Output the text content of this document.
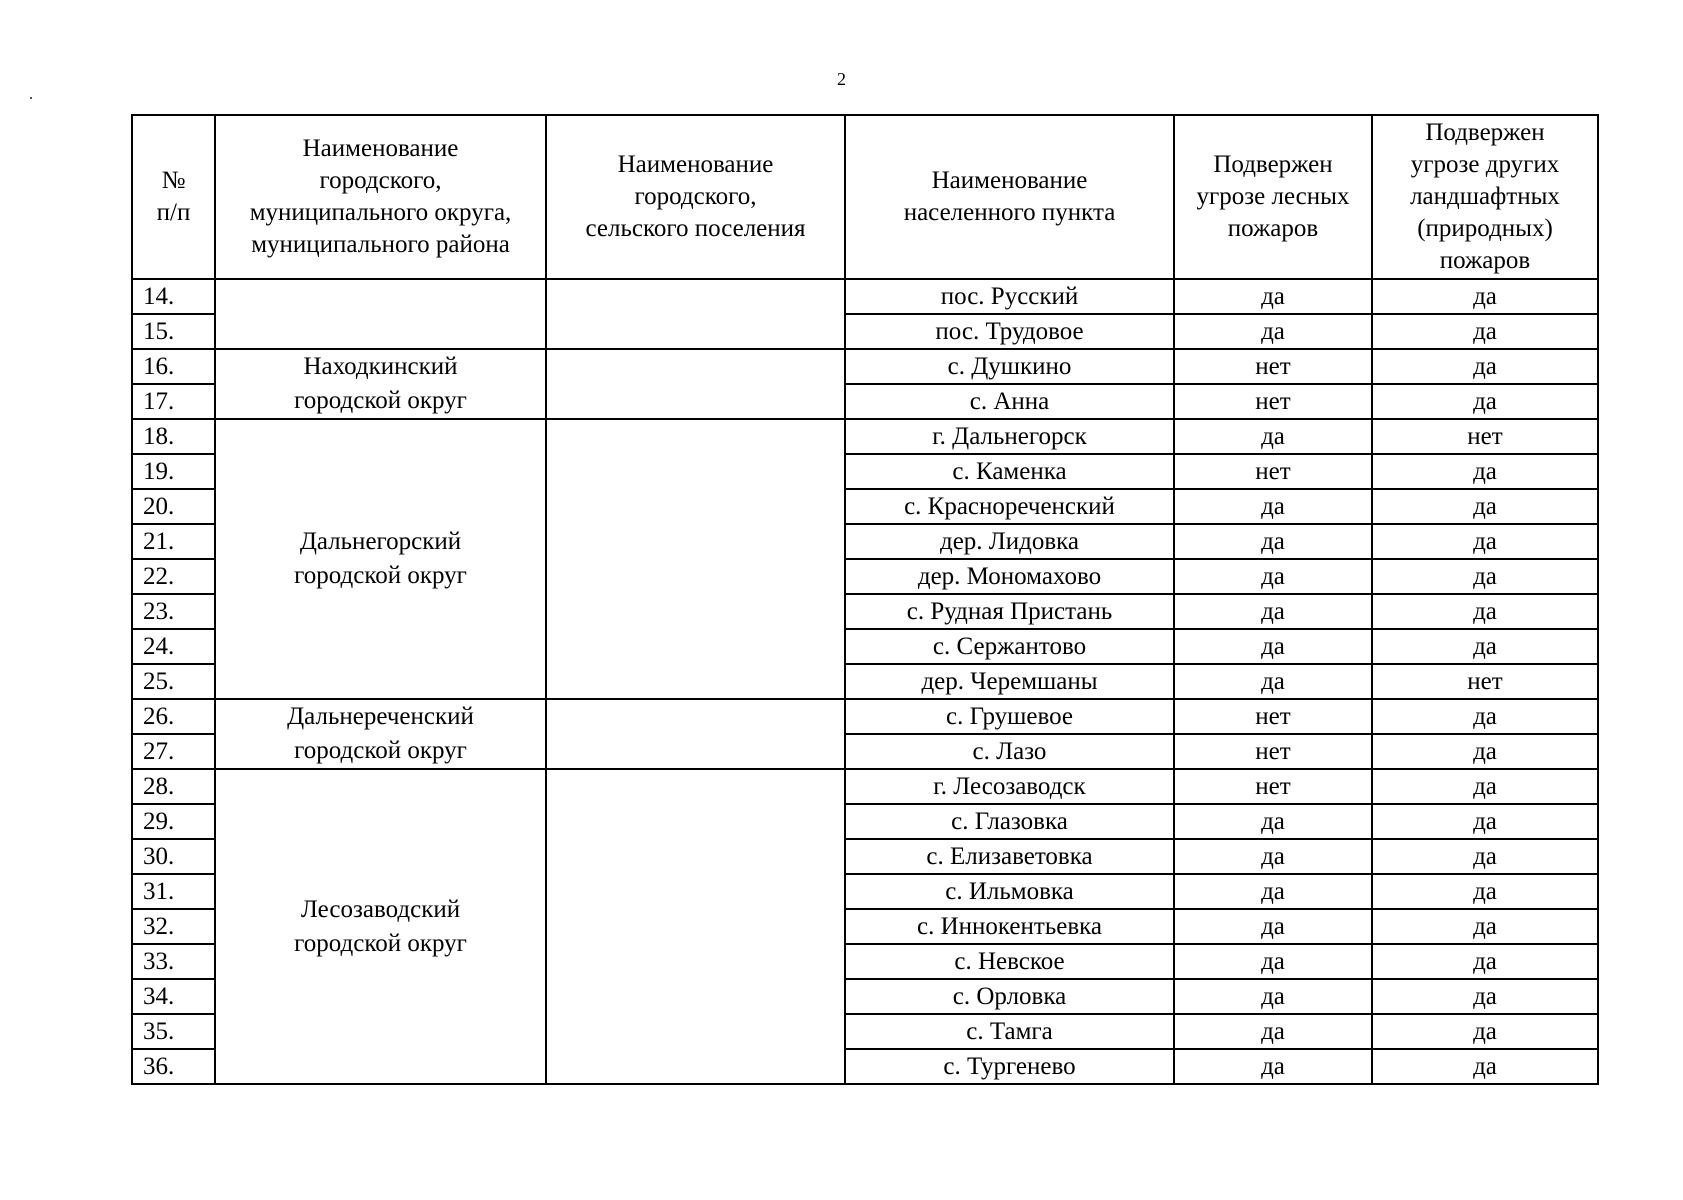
2
№
п/п	Наименование
городского,
муниципального округа,
муниципального района	Наименование
городского,
сельского поселения	Наименование
населенного пункта	Подвержен
угрозе лесных
пожаров	Подвержен
угрозе других
ландшафтных
(природных)
пожаров

14.			пос. Русский	да	да
15.			пос. Трудовое	да	да
16.	Находкинский
городской округ		с. Душкино	нет	да
17.			с. Анна	нет	да
18.	Дальнегорский
городской округ		г. Дальнегорск	да	нет
19.			с. Каменка	нет	да
20.			с. Краснореченский	да	да
21.			дер. Лидовка	да	да
22.			дер. Мономахово	да	да
23.			с. Рудная Пристань	да	да
24.			с. Сержантово	да	да
25.			дер. Черемшаны	да	нет
26.	Дальнереченский
городской округ		с. Грушевое	нет	да
27.			с. Лазо	нет	да
28.	Лесозаводский
городской округ		г. Лесозаводск	нет	да
29.			с. Глазовка	да	да
30.			с. Елизаветовка	да	да
31.			с. Ильмовка	да	да
32.			с. Иннокентьевка	да	да
33.			с. Невское	да	да
34.			с. Орловка	да	да
35.			с. Тамга	да	да
36.			с. Тургенево	да	да
